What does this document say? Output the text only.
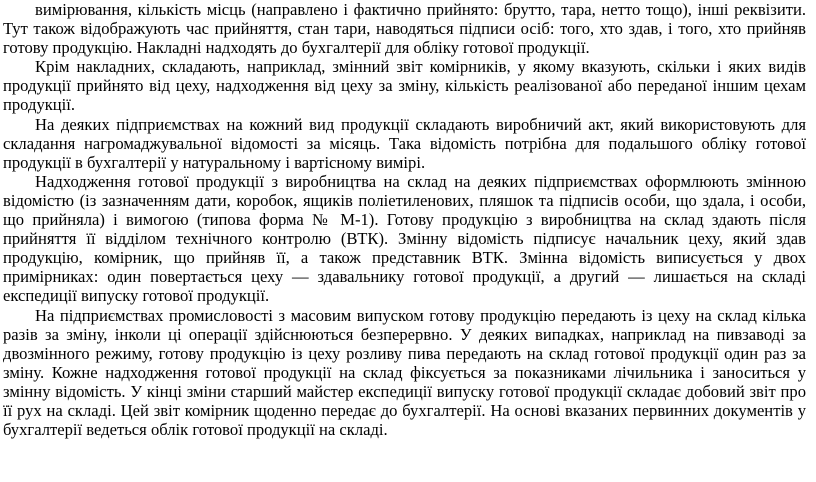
вимірювання, кількість місць (направлено і фактично прийнято: брутто, тара, нетто тощо), інші реквізити. Тут також відображують час прийняття, стан тари, наводяться підписи осіб: того, хто здав, і того, хто прийняв готову продукцію. Накладні надходять до бухгалтерії для обліку готової продукції.

Крім накладних, складають, наприклад, змінний звіт комірників, у якому вказують, скільки і яких видів продукції прийнято від цеху, надходження від цеху за зміну, кількість реалізованої або переданої іншим цехам продукції.

На деяких підприємствах на кожний вид продукції складають виробничий акт, який використовують для складання нагромаджувальної відомості за місяць. Така відомість потрібна для подальшого обліку готової продукції в бухгалтерії у натуральному і вартісному вимірі.

Надходження готової продукції з виробництва на склад на деяких підприємствах оформлюють змінною відомістю (із зазначенням дати, коробок, ящиків поліетиленових, пляшок та підписів особи, що здала, і особи, що прийняла) і вимогою (типова форма № М-1). Готову продукцію з виробництва на склад здають після прийняття її відділом технічного контролю (ВТК). Змінну відомість підписує начальник цеху, який здав продукцію, комірник, що прийняв її, а також представник ВТК. Змінна відомість виписується у двох примірниках: один повертається цеху — здавальнику готової продукції, а другий — лишається на складі експедиції випуску готової продукції.

На підприємствах промисловості з масовим випуском готову продукцію передають із цеху на склад кілька разів за зміну, інколи ці операції здійснюються безперервно. У деяких випадках, наприклад на пивзаводі за двозмінного режиму, готову продукцію із цеху розливу пива передають на склад готової продукції один раз за зміну. Кожне надходження готової продукції на склад фіксується за показниками лічильника і заноситься у змінну відомість. У кінці зміни старший майстер експедиції випуску готової продукції складає добовий звіт про її рух на складі. Цей звіт комірник щоденно передає до бухгалтерії. На основі вказаних первинних документів у бухгалтерії ведеться облік готової продукції на складі.
